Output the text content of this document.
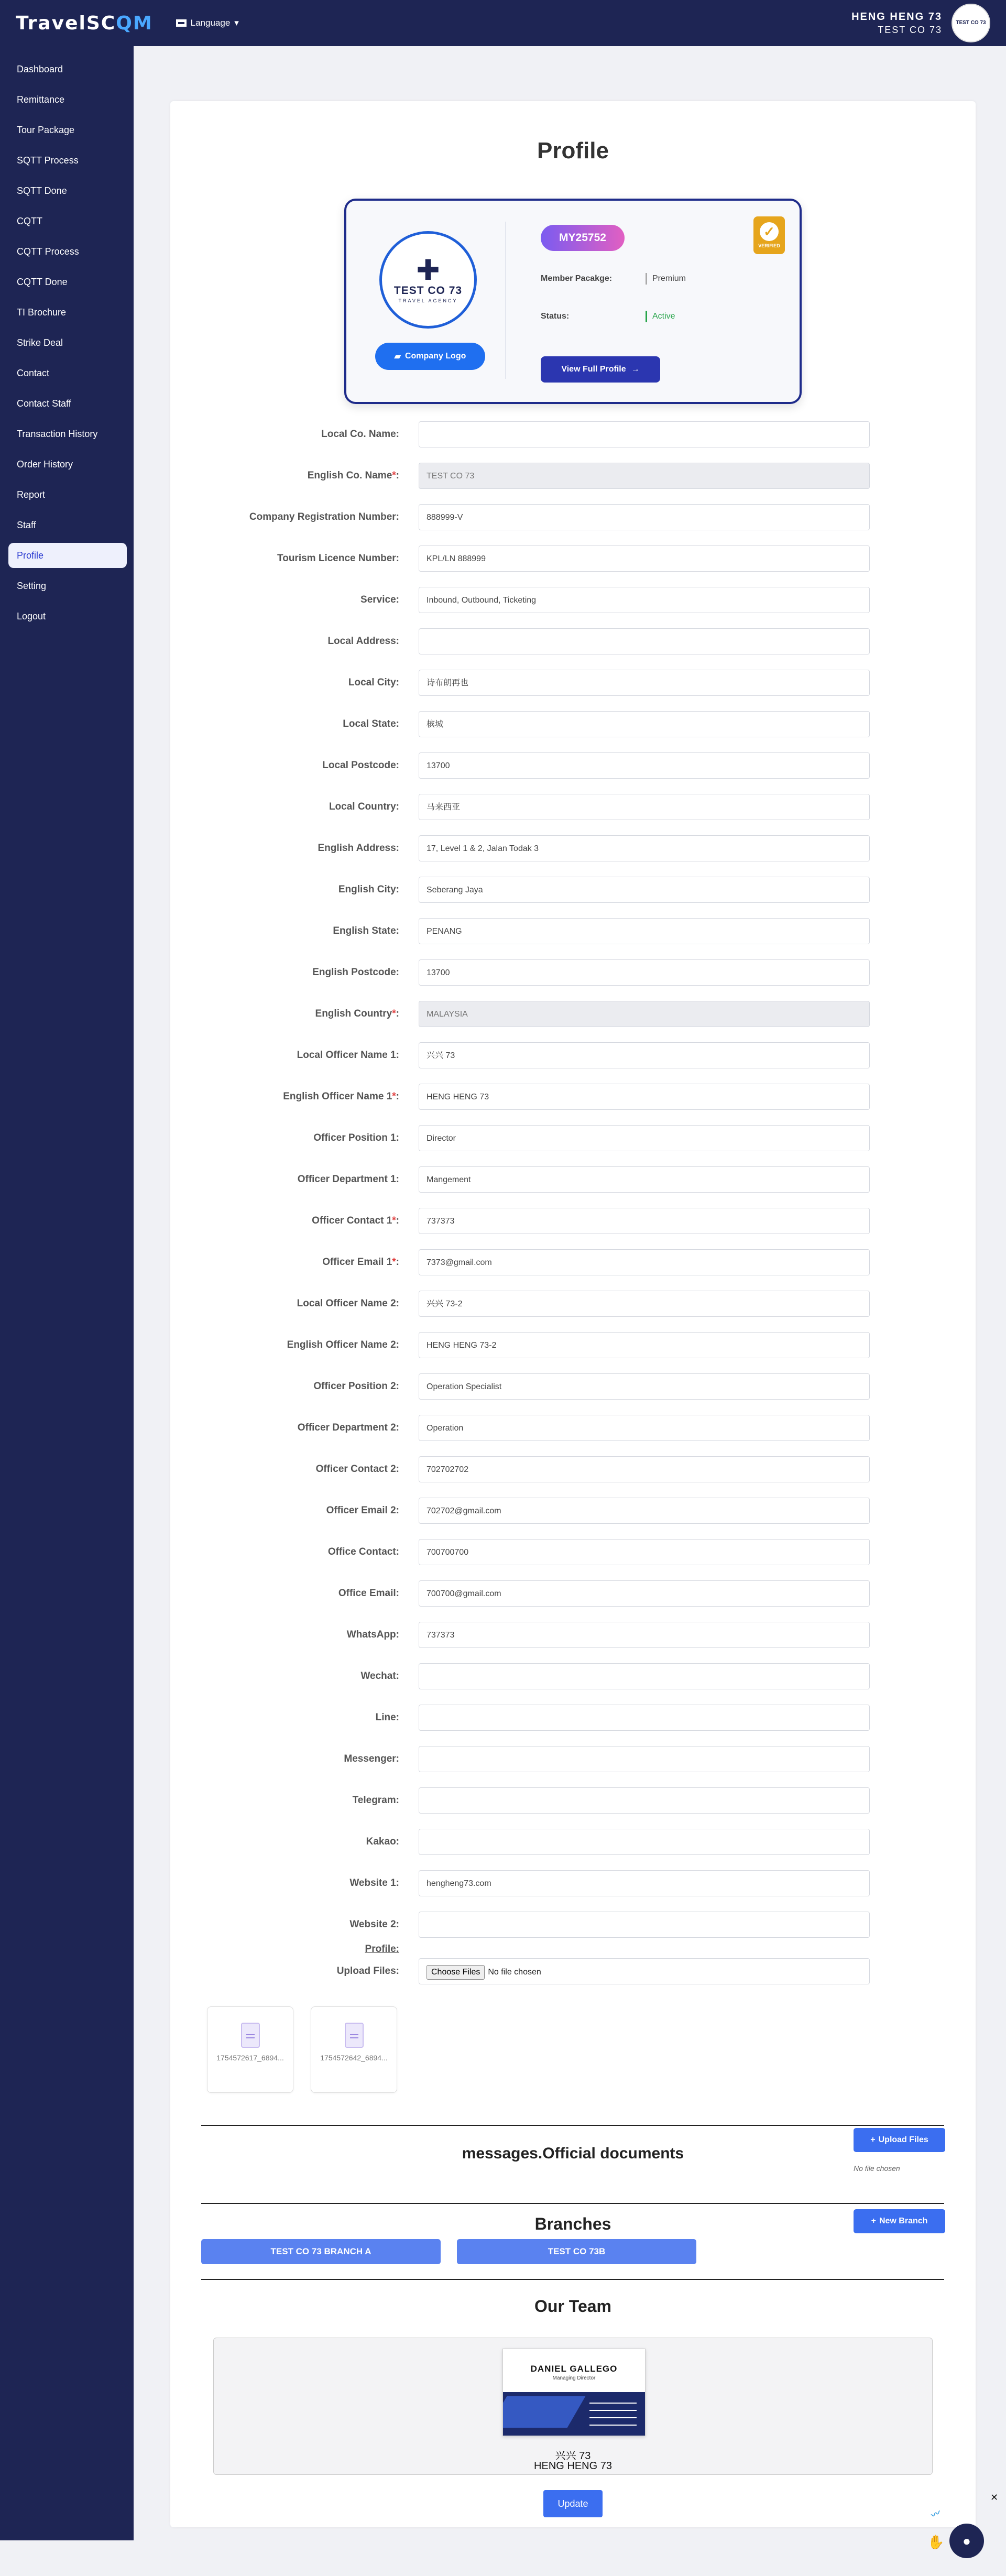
TravelSCQM	Language ▾
HENG HENG 73
TEST CO 73
TEST CO 73
Dashboard
Remittance
Tour Package
SQTT Process
SQTT Done
CQTT
CQTT Process
CQTT Done
TI Brochure
Strike Deal
Contact
Contact Staff
Transaction History
Order History
Report
Staff
Profile
Setting
Logout
Profile
✚
TEST CO 73
TRAVEL AGENCY
▰ Company Logo
MY25752	✓
VERIFIED
Member Pacakge:	Premium
Status:	Active
View Full Profile →
Local Co. Name:
English Co. Name*:	TEST CO 73
Company Registration Number:	888999-V
Tourism Licence Number:	KPL/LN 888999
Service:	Inbound, Outbound, Ticketing
Local Address:
Local City:	诗布朗再也
Local State:	槟城
Local Postcode:	13700
Local Country:	马来西亚
English Address:	17, Level 1 & 2, Jalan Todak 3
English City:	Seberang Jaya
English State:	PENANG
English Postcode:	13700
English Country*:	MALAYSIA
Local Officer Name 1:	兴兴 73
English Officer Name 1*:	HENG HENG 73
Officer Position 1:	Director
Officer Department 1:	Mangement
Officer Contact 1*:	737373
Officer Email 1*:	7373@gmail.com
Local Officer Name 2:	兴兴 73-2
English Officer Name 2:	HENG HENG 73-2
Officer Position 2:	Operation Specialist
Officer Department 2:	Operation
Officer Contact 2:	702702702
Officer Email 2:	702702@gmail.com
Office Contact:	700700700
Office Email:	700700@gmail.com
WhatsApp:	737373
Wechat:
Line:
Messenger:
Telegram:
Kakao:
Website 1:	hengheng73.com
Website 2:
Profile:
Upload Files:	Choose Files No file chosen
1754572617_6894...	1754572642_6894...
messages.Official documents
+ Upload Files
No file chosen
Branches	+ New Branch
TEST CO 73 BRANCH A	TEST CO 73B
Our Team
DANIEL GALLEGO
Managing Director
兴兴 73
HENG HENG 73
Update
✕
〰
✋ ●
